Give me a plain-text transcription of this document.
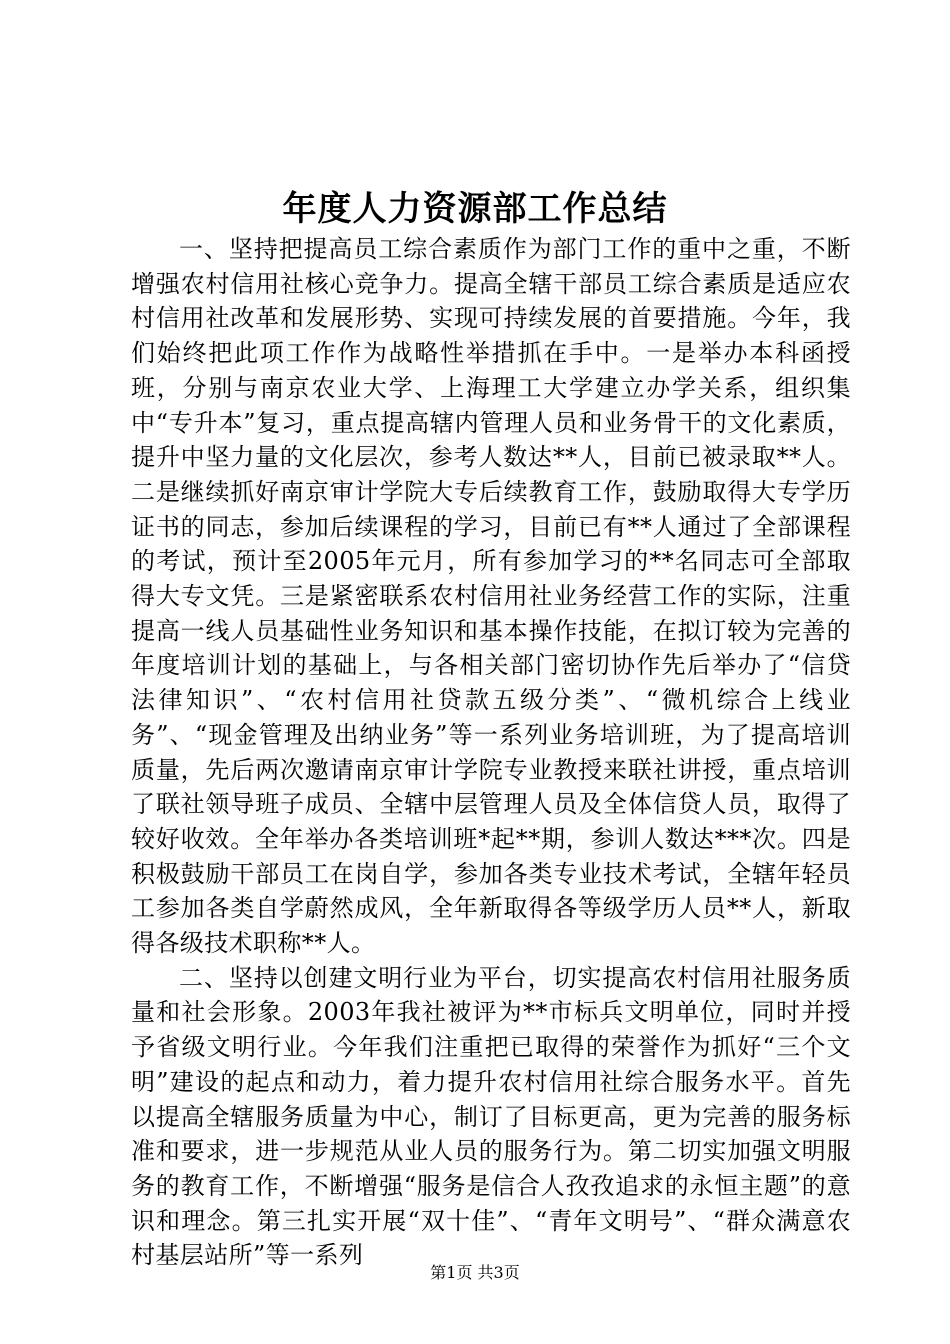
年度人力资源部工作总结

一、坚持把提高员工综合素质作为部门工作的重中之重，不断增强农村信用社核心竞争力。提高全辖干部员工综合素质是适应农村信用社改革和发展形势、实现可持续发展的首要措施。今年，我们始终把此项工作作为战略性举措抓在手中。一是举办本科函授班，分别与南京农业大学、上海理工大学建立办学关系，组织集中“专升本”复习，重点提高辖内管理人员和业务骨干的文化素质，提升中坚力量的文化层次，参考人数达**人，目前已被录取**人。二是继续抓好南京审计学院大专后续教育工作，鼓励取得大专学历证书的同志，参加后续课程的学习，目前已有**人通过了全部课程的考试，预计至2005年元月，所有参加学习的**名同志可全部取得大专文凭。三是紧密联系农村信用社业务经营工作的实际，注重提高一线人员基础性业务知识和基本操作技能，在拟订较为完善的年度培训计划的基础上，与各相关部门密切协作先后举办了“信贷法律知识”、“农村信用社贷款五级分类”、“微机综合上线业务”、“现金管理及出纳业务”等一系列业务培训班，为了提高培训质量，先后两次邀请南京审计学院专业教授来联社讲授，重点培训了联社领导班子成员、全辖中层管理人员及全体信贷人员，取得了较好收效。全年举办各类培训班*起**期，参训人数达***次。四是积极鼓励干部员工在岗自学，参加各类专业技术考试，全辖年轻员工参加各类自学蔚然成风，全年新取得各等级学历人员**人，新取得各级技术职称**人。

二、坚持以创建文明行业为平台，切实提高农村信用社服务质量和社会形象。2003年我社被评为**市标兵文明单位，同时并授予省级文明行业。今年我们注重把已取得的荣誉作为抓好“三个文明”建设的起点和动力，着力提升农村信用社综合服务水平。首先以提高全辖服务质量为中心，制订了目标更高，更为完善的服务标准和要求，进一步规范从业人员的服务行为。第二切实加强文明服务的教育工作，不断增强“服务是信合人孜孜追求的永恒主题”的意识和理念。第三扎实开展“双十佳”、“青年文明号”、“群众满意农村基层站所”等一系列

第1页 共3页
